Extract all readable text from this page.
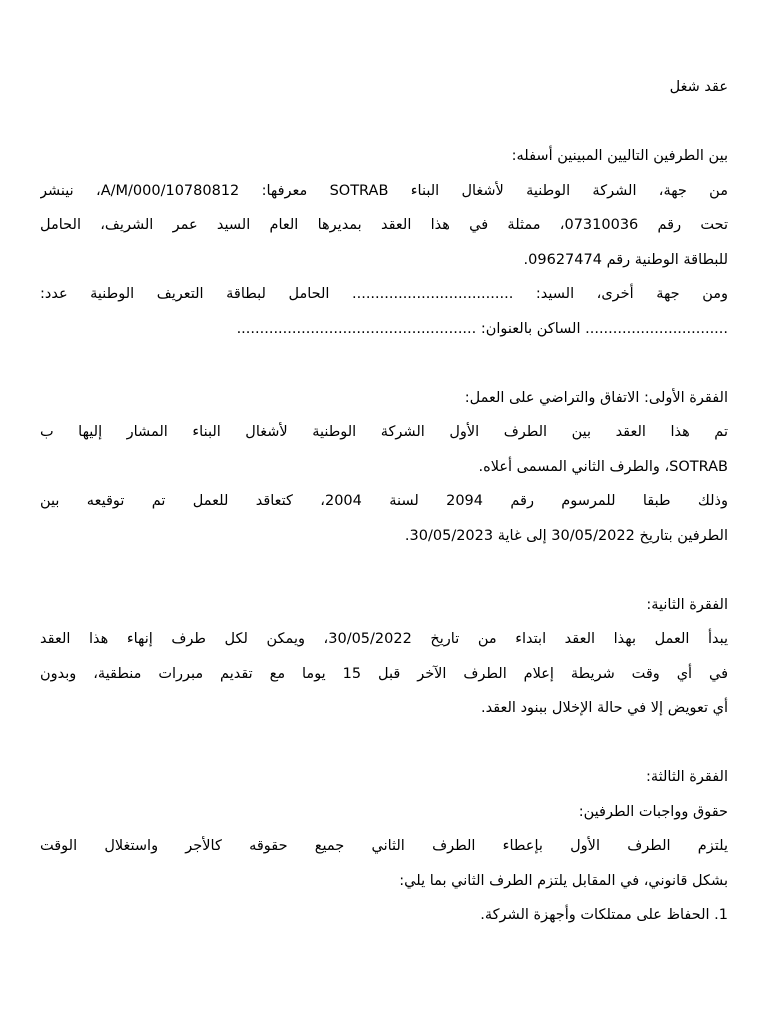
عقد شغل
بين الطرفين التاليين المبينين أسفله:
من جهة، الشركة الوطنية لأشغال البناء SOTRAB معرفها: 10780812/A/M/000، نينشر
تحت رقم 07310036، ممثلة في هذا العقد بمديرها العام السيد عمر الشريف، الحامل
للبطاقة الوطنية رقم 09627474.
ومن جهة أخرى، السيد: ................................... الحامل لبطاقة التعريف الوطنية عدد:
............................... الساكن بالعنوان: ....................................................
الفقرة الأولى: الاتفاق والتراضي على العمل:
تم هذا العقد بين الطرف الأول الشركة الوطنية لأشغال البناء المشار إليها ب
SOTRAB، والطرف الثاني المسمى أعلاه.
وذلك طبقا للمرسوم رقم 2094 لسنة 2004، كتعاقد للعمل تم توقيعه بين
الطرفين بتاريخ 30/05/2022 إلى غاية 30/05/2023.
الفقرة الثانية:
يبدأ العمل بهذا العقد ابتداء من تاريخ 30/05/2022، ويمكن لكل طرف إنهاء هذا العقد
في أي وقت شريطة إعلام الطرف الآخر قبل 15 يوما مع تقديم مبررات منطقية، وبدون
أي تعويض إلا في حالة الإخلال ببنود العقد.
الفقرة الثالثة:
حقوق وواجبات الطرفين:
يلتزم الطرف الأول بإعطاء الطرف الثاني جميع حقوقه كالأجر واستغلال الوقت
بشكل قانوني، في المقابل يلتزم الطرف الثاني بما يلي:
1. الحفاظ على ممتلكات وأجهزة الشركة.
